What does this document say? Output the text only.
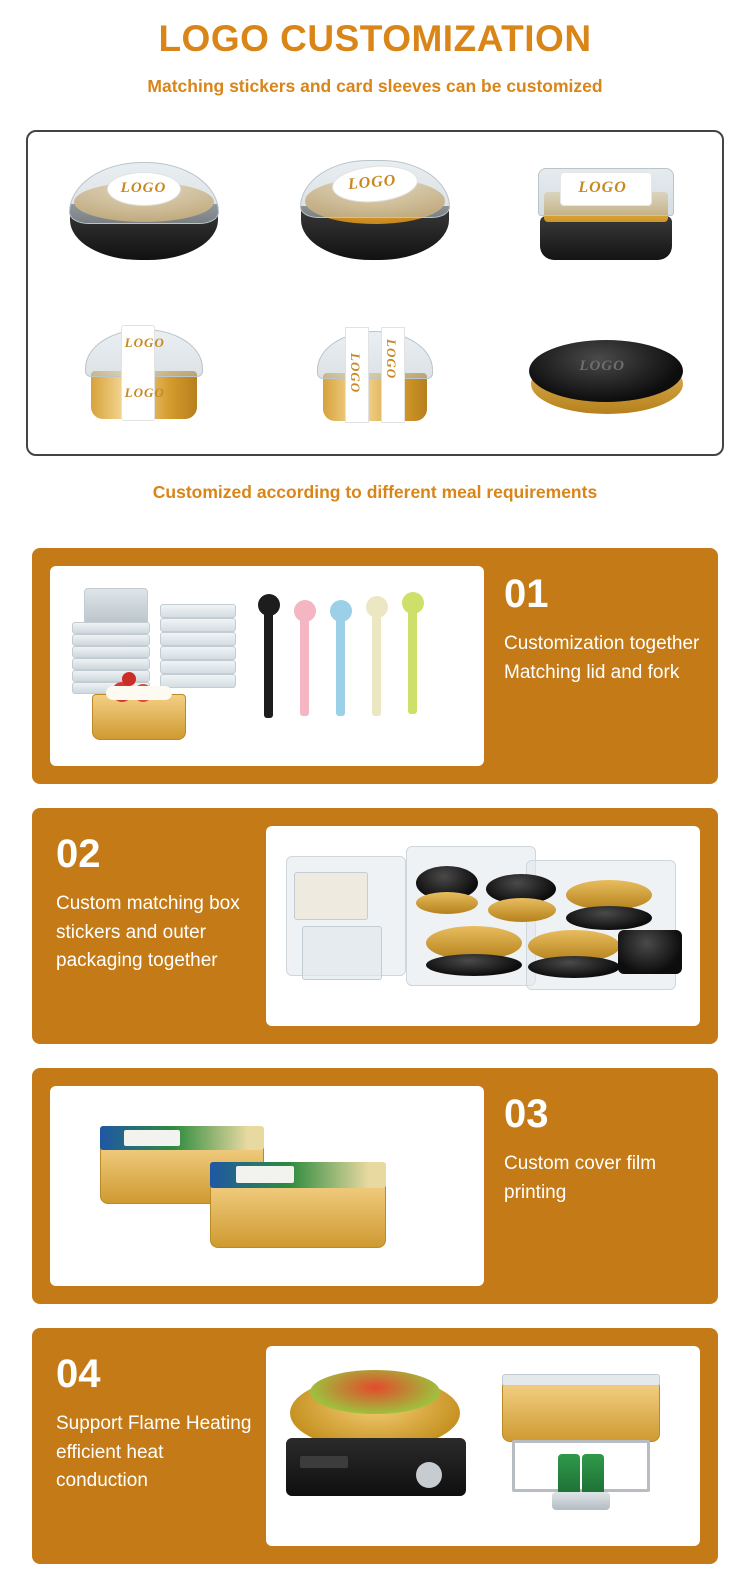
LOGO CUSTOMIZATION
Matching stickers and card sleeves can be customized
LOGO	LOGO	LOGO
LOGO
LOGO	LOGO LOGO	LOGO
Customized according to different meal requirements
01
Customization together Matching lid and fork
02
Custom matching box stickers and outer packaging together
03
Custom cover film printing
04
Support Flame Heating efficient heat conduction
